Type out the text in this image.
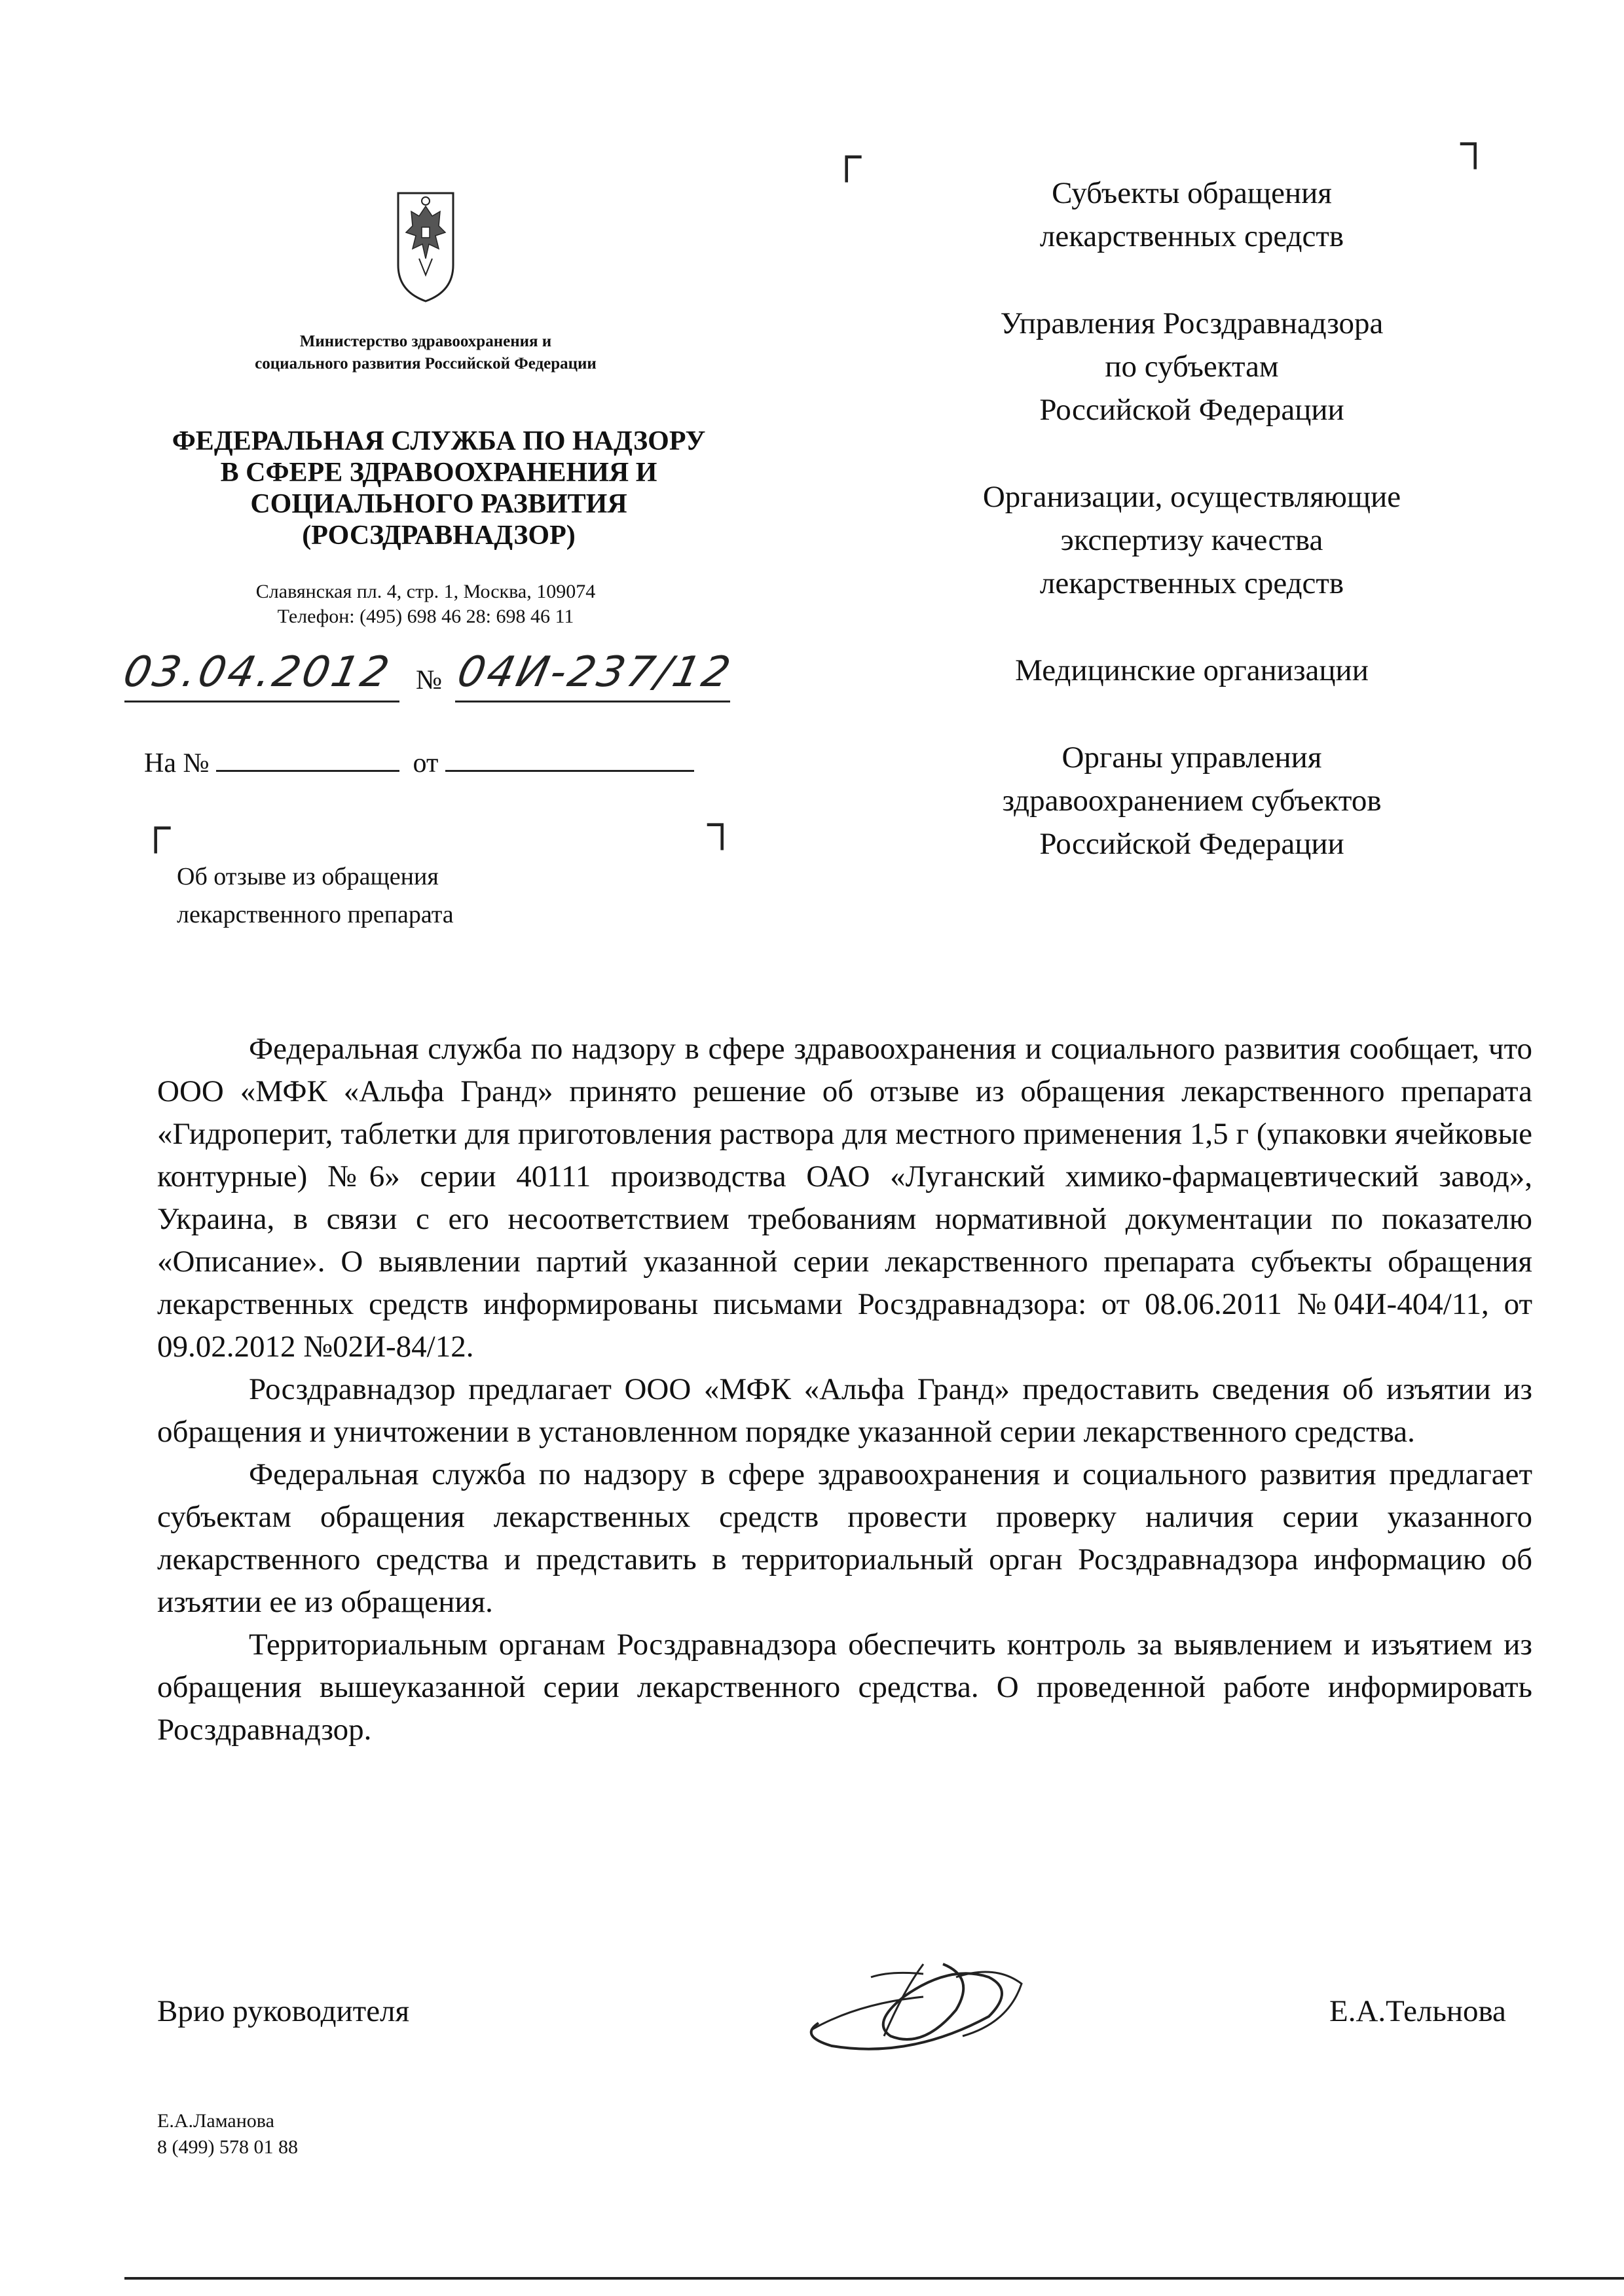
┌	┐
Министерство здравоохранения и
социального развития Российской Федерации
ФЕДЕРАЛЬНАЯ СЛУЖБА ПО НАДЗОРУ
В СФЕРЕ ЗДРАВООХРАНЕНИЯ И
СОЦИАЛЬНОГО РАЗВИТИЯ
(РОСЗДРАВНАДЗОР)
Славянская пл. 4, стр. 1, Москва, 109074
Телефон: (495) 698 46 28: 698 46 11
03.04.2012 № 04И-237/12
На №	от
┌	┐
Об отзыве из обращения
лекарственного препарата
Субъекты обращения
лекарственных средств
Управления Росздравнадзора
по субъектам
Российской Федерации
Организации, осуществляющие
экспертизу качества
лекарственных средств
Медицинские организации
Органы управления
здравоохранением субъектов
Российской Федерации

Федеральная служба по надзору в сфере здравоохранения и социального развития сообщает, что ООО «МФК «Альфа Гранд» принято решение об отзыве из обращения лекарственного препарата «Гидроперит, таблетки для приготовления раствора для местного применения 1,5 г (упаковки ячейковые контурные) №6» серии 40111 производства ОАО «Луганский химико-фармацевтический завод», Украина, в связи с его несоответствием требованиям нормативной документации по показателю «Описание». О выявлении партий указанной серии лекарственного препарата субъекты обращения лекарственных средств информированы письмами Росздравнадзора: от 08.06.2011 №04И-404/11, от 09.02.2012 №02И-84/12.

Росздравнадзор предлагает ООО «МФК «Альфа Гранд» предоставить сведения об изъятии из обращения и уничтожении в установленном порядке указанной серии лекарственного средства.

Федеральная служба по надзору в сфере здравоохранения и социального развития предлагает субъектам обращения лекарственных средств провести проверку наличия серии указанного лекарственного средства и представить в территориальный орган Росздравнадзора информацию об изъятии ее из обращения.

Территориальным органам Росздравнадзора обеспечить контроль за выявлением и изъятием из обращения вышеуказанной серии лекарственного средства. О проведенной работе информировать Росздравнадзор.

Врио руководителя	Е.А.Тельнова
Е.А.Ламанова
8 (499) 578 01 88
